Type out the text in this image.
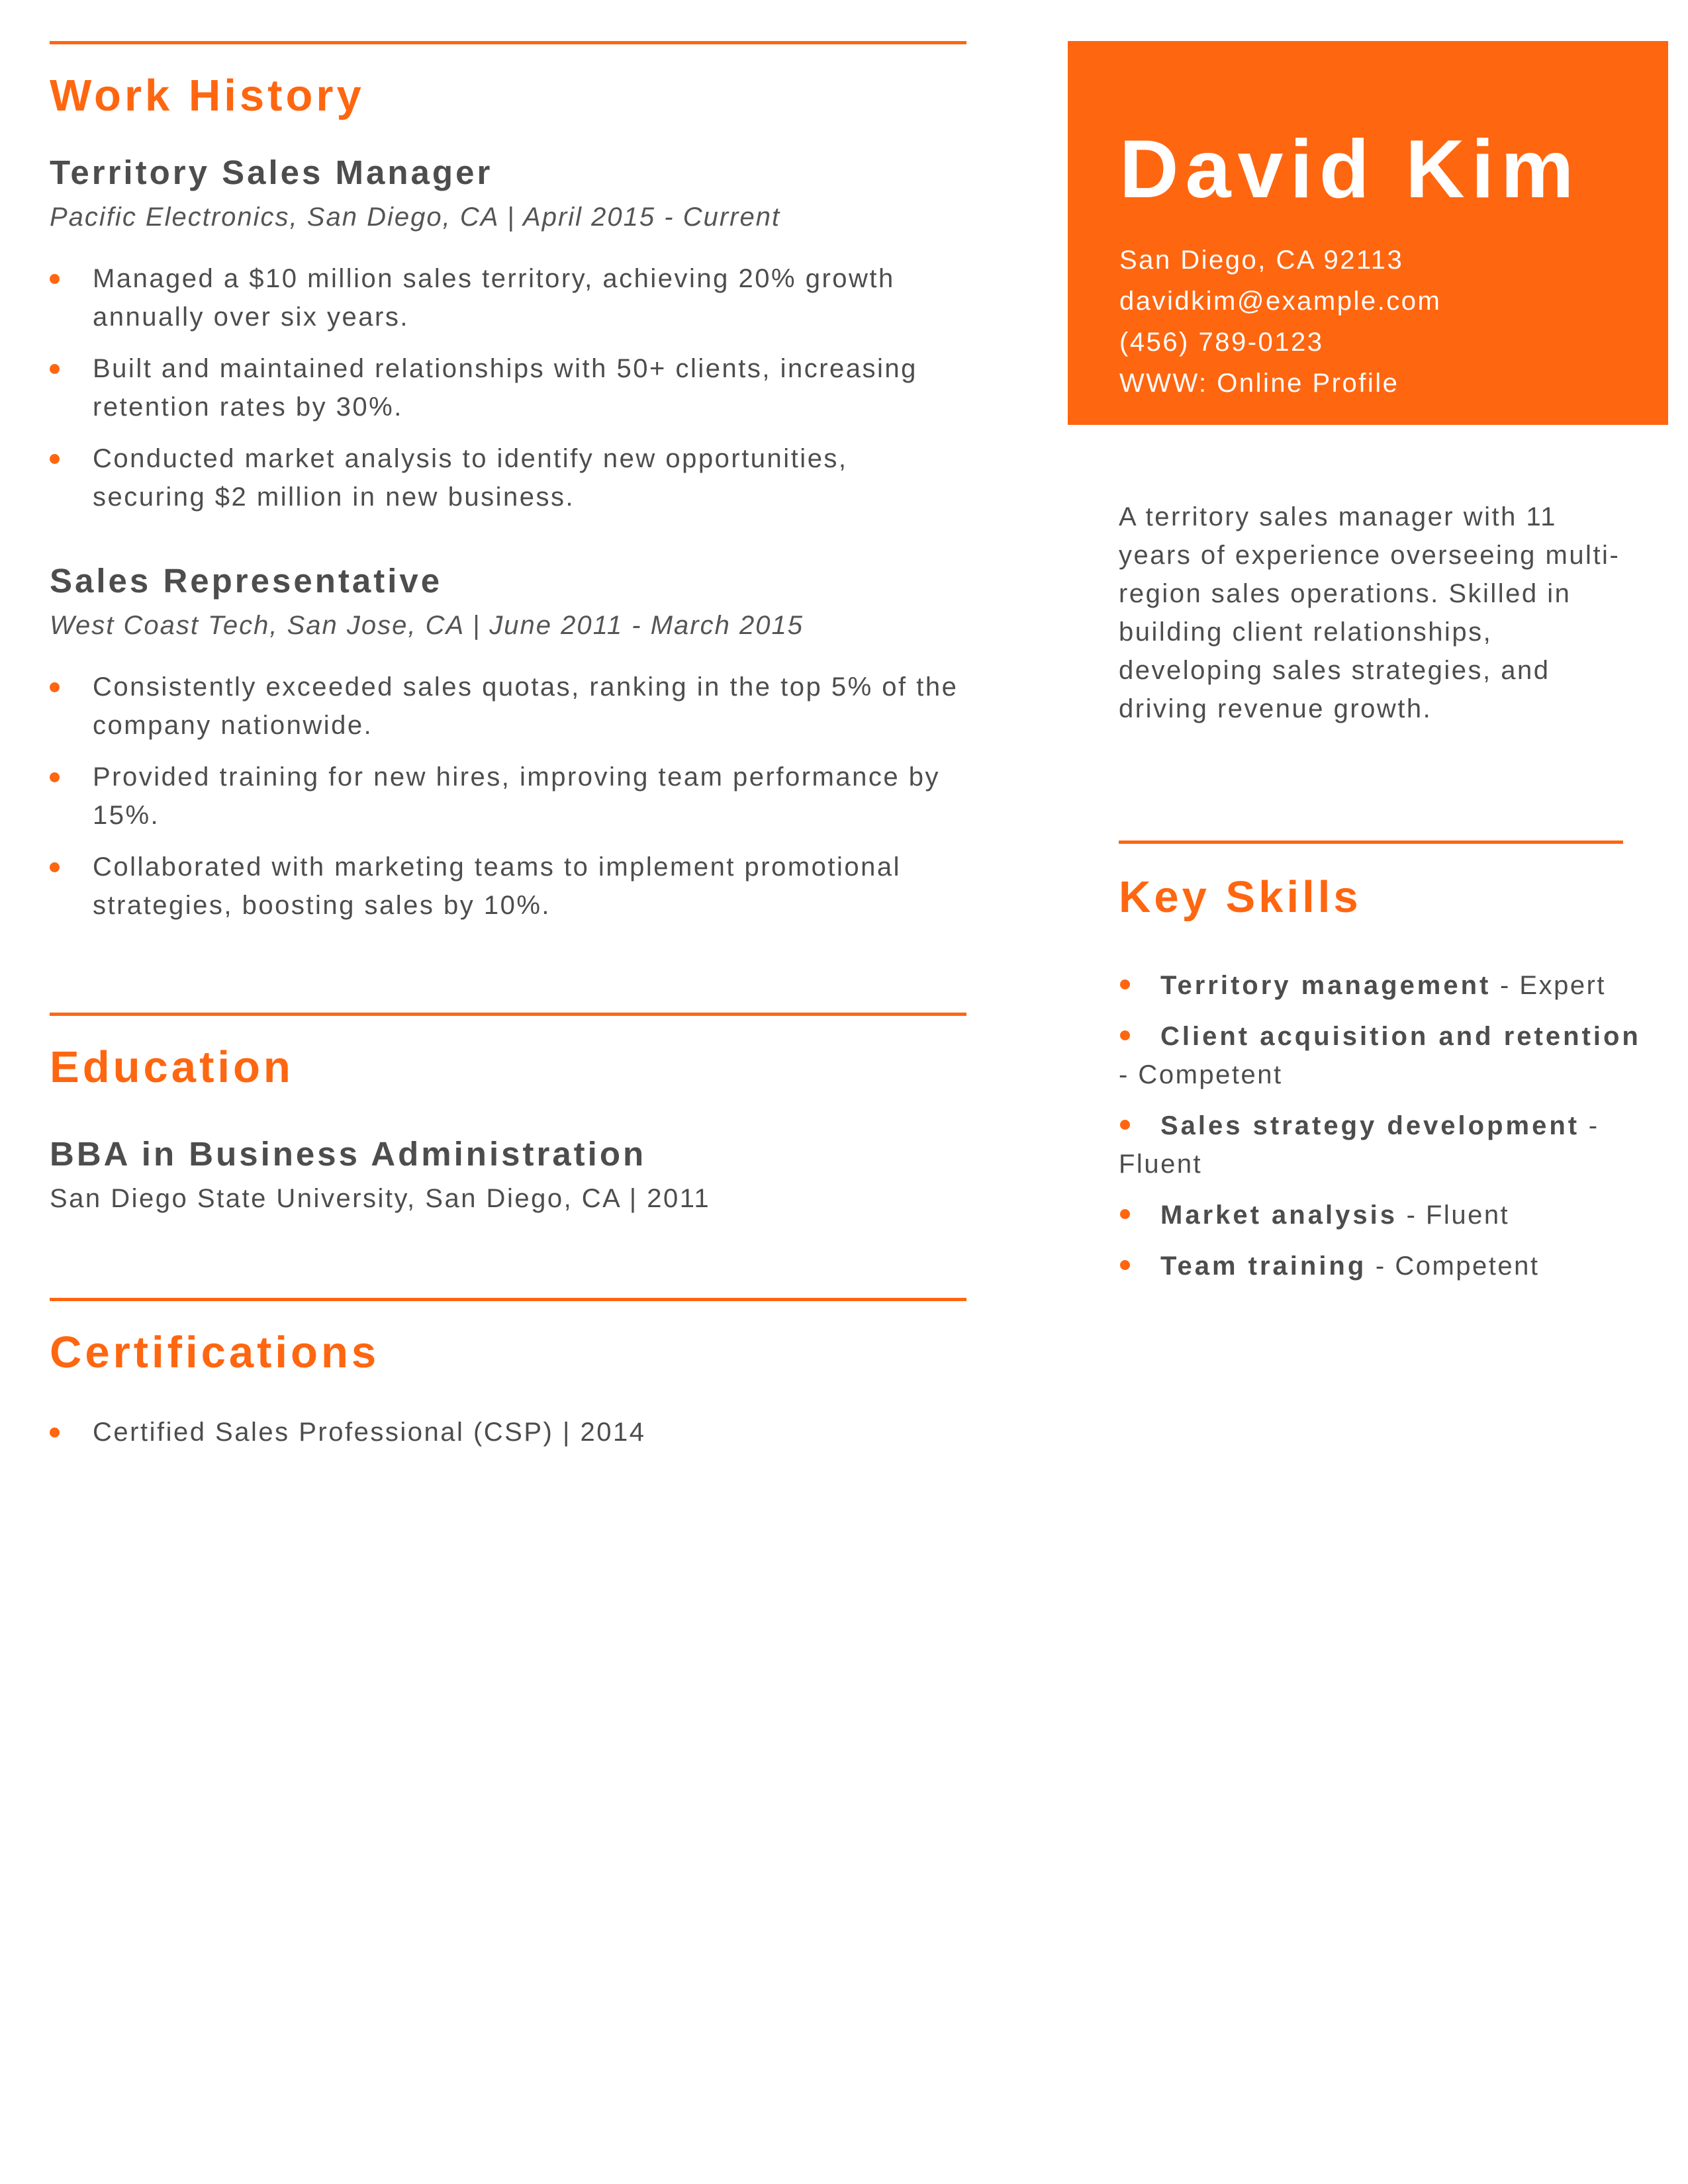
Work History
Territory Sales Manager
Pacific Electronics, San Diego, CA | April 2015 - Current
Managed a $10 million sales territory, achieving 20% growth annually over six years.
Built and maintained relationships with 50+ clients, increasing retention rates by 30%.
Conducted market analysis to identify new opportunities, securing $2 million in new business.
Sales Representative
West Coast Tech, San Jose, CA | June 2011 - March 2015
Consistently exceeded sales quotas, ranking in the top 5% of the company nationwide.
Provided training for new hires, improving team performance by 15%.
Collaborated with marketing teams to implement promotional strategies, boosting sales by 10%.
Education
BBA in Business Administration
San Diego State University, San Diego, CA | 2011
Certifications
Certified Sales Professional (CSP) | 2014
David Kim
San Diego, CA 92113
davidkim@example.com
(456) 789-0123
WWW: Online Profile
A territory sales manager with 11 years of experience overseeing multi-region sales operations. Skilled in building client relationships, developing sales strategies, and driving revenue growth.
Key Skills
Territory management - Expert
Client acquisition and retention - Competent
Sales strategy development - Fluent
Market analysis - Fluent
Team training - Competent
